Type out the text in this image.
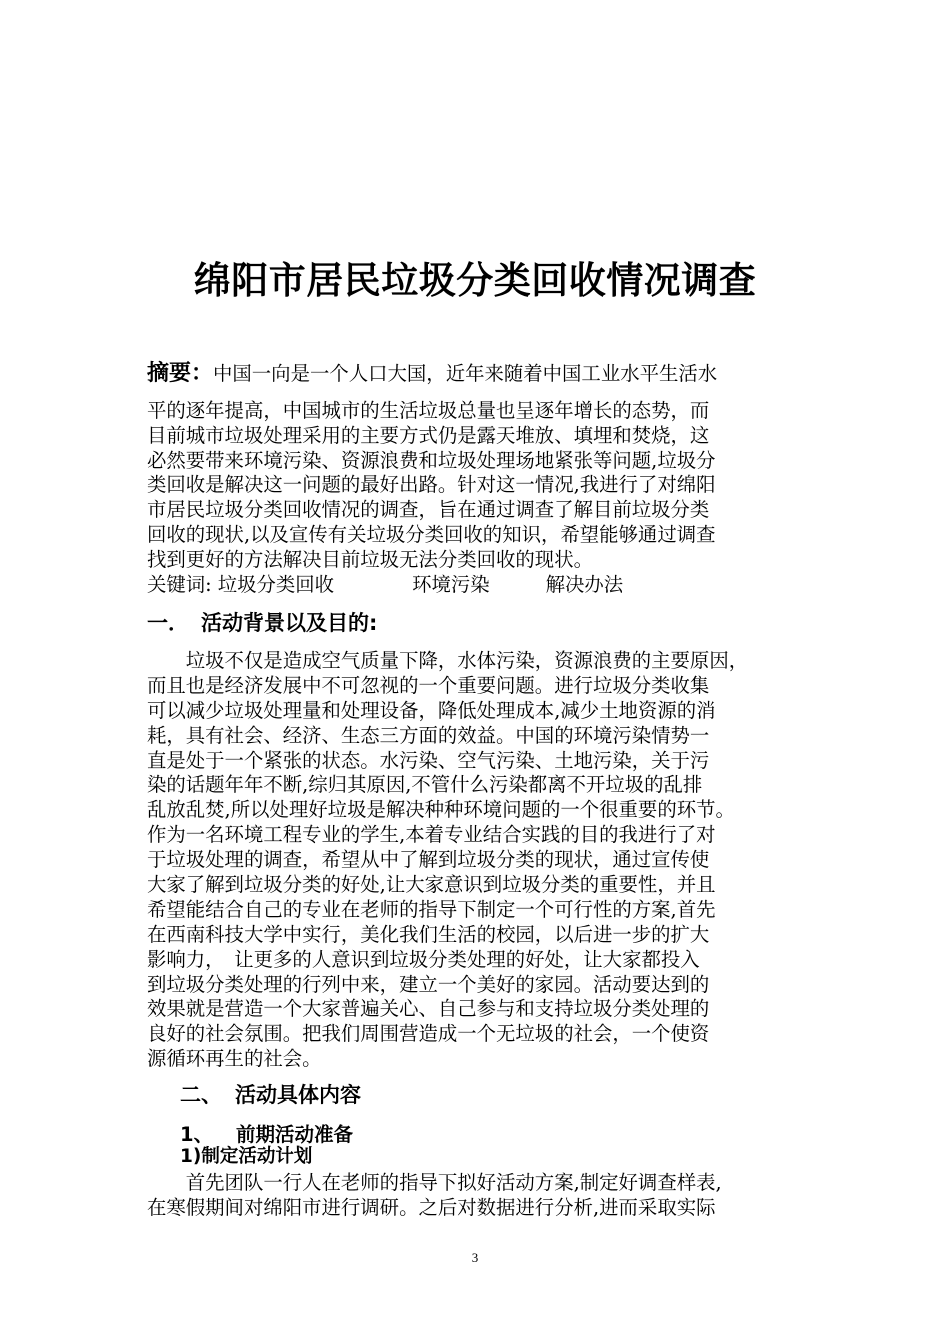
绵阳市居民垃圾分类回收情况调查
摘要：中国一向是一个人口大国，近年来随着中国工业水平生活水
平的逐年提高，中国城市的生活垃圾总量也呈逐年增长的态势，而
目前城市垃圾处理采用的主要方式仍是露天堆放、填埋和焚烧，这
必然要带来环境污染、资源浪费和垃圾处理场地紧张等问题,垃圾分
类回收是解决这一问题的最好出路。针对这一情况,我进行了对绵阳
市居民垃圾分类回收情况的调查，旨在通过调查了解目前垃圾分类
回收的现状,以及宣传有关垃圾分类回收的知识，希望能够通过调查
找到更好的方法解决目前垃圾无法分类回收的现状。
关键词: 垃圾分类回收	环境污染	解决办法
一． 活动背景以及目的:
　　垃圾不仅是造成空气质量下降，水体污染，资源浪费的主要原因，
而且也是经济发展中不可忽视的一个重要问题。进行垃圾分类收集
可以减少垃圾处理量和处理设备，降低处理成本,减少土地资源的消
耗，具有社会、经济、生态三方面的效益。中国的环境污染情势一
直是处于一个紧张的状态。水污染、空气污染、土地污染，关于污
染的话题年年不断,综归其原因,不管什么污染都离不开垃圾的乱排
乱放乱焚,所以处理好垃圾是解决种种环境问题的一个很重要的环节。
作为一名环境工程专业的学生,本着专业结合实践的目的我进行了对
于垃圾处理的调查，希望从中了解到垃圾分类的现状，通过宣传使
大家了解到垃圾分类的好处,让大家意识到垃圾分类的重要性，并且
希望能结合自己的专业在老师的指导下制定一个可行性的方案,首先
在西南科技大学中实行，美化我们生活的校园，以后进一步的扩大
影响力，　让更多的人意识到垃圾分类处理的好处，让大家都投入
到垃圾分类处理的行列中来，建立一个美好的家园。活动要达到的
效果就是营造一个大家普遍关心、自己参与和支持垃圾分类处理的
良好的社会氛围。把我们周围营造成一个无垃圾的社会，一个使资
源循环再生的社会。
二、 活动具体内容
1、 前期活动准备
1)制定活动计划
　　首先团队一行人在老师的指导下拟好活动方案,制定好调查样表,
在寒假期间对绵阳市进行调研。之后对数据进行分析,进而采取实际
3
